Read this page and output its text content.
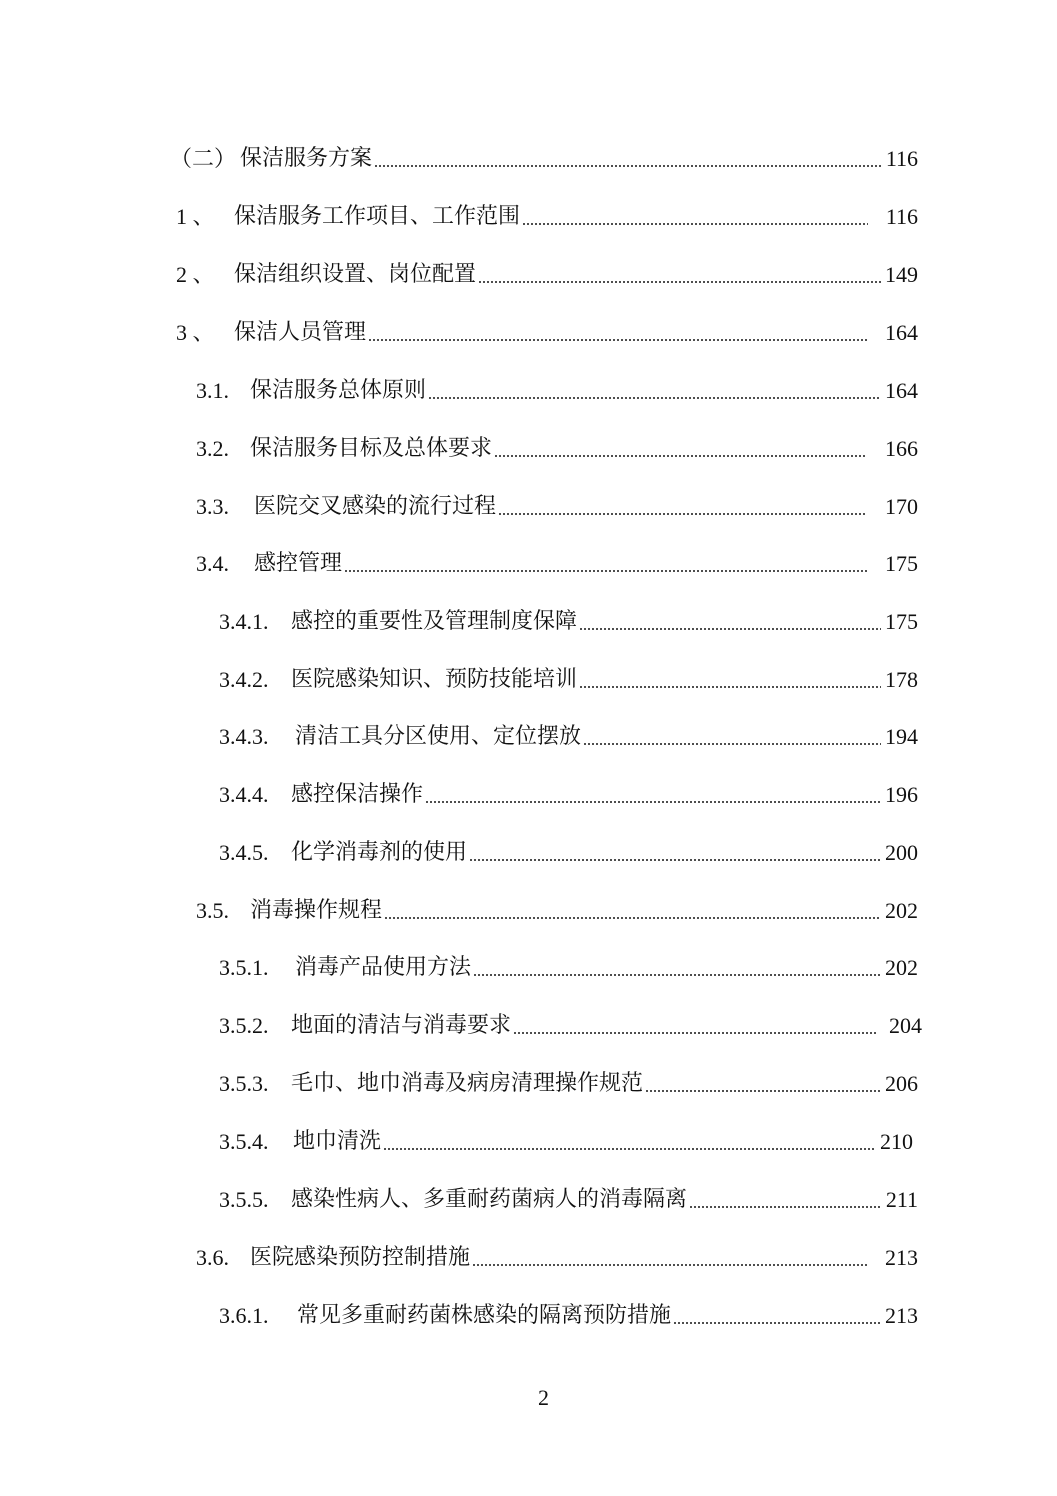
（二） 保洁服务方案	116
1 、 保洁服务工作项目、工作范围	116
2 、 保洁组织设置、岗位配置	149
3 、 保洁人员管理	164
3.1. 保洁服务总体原则	164
3.2. 保洁服务目标及总体要求	166
3.3.	医院交叉感染的流行过程	170
3.4.	感控管理	175
3.4.1.	感控的重要性及管理制度保障	175
3.4.2.	医院感染知识、预防技能培训	178
3.4.3.	清洁工具分区使用、定位摆放	194
3.4.4.	感控保洁操作	196
3.4.5.	化学消毒剂的使用	200
3.5. 消毒操作规程	202
3.5.1.	消毒产品使用方法	202
3.5.2.	地面的清洁与消毒要求	204
3.5.3.	毛巾、地巾消毒及病房清理操作规范	206
3.5.4.	地巾清洗	210
3.5.5.	感染性病人、多重耐药菌病人的消毒隔离	211
3.6. 医院感染预防控制措施	213
3.6.1.	常见多重耐药菌株感染的隔离预防措施	213
2
